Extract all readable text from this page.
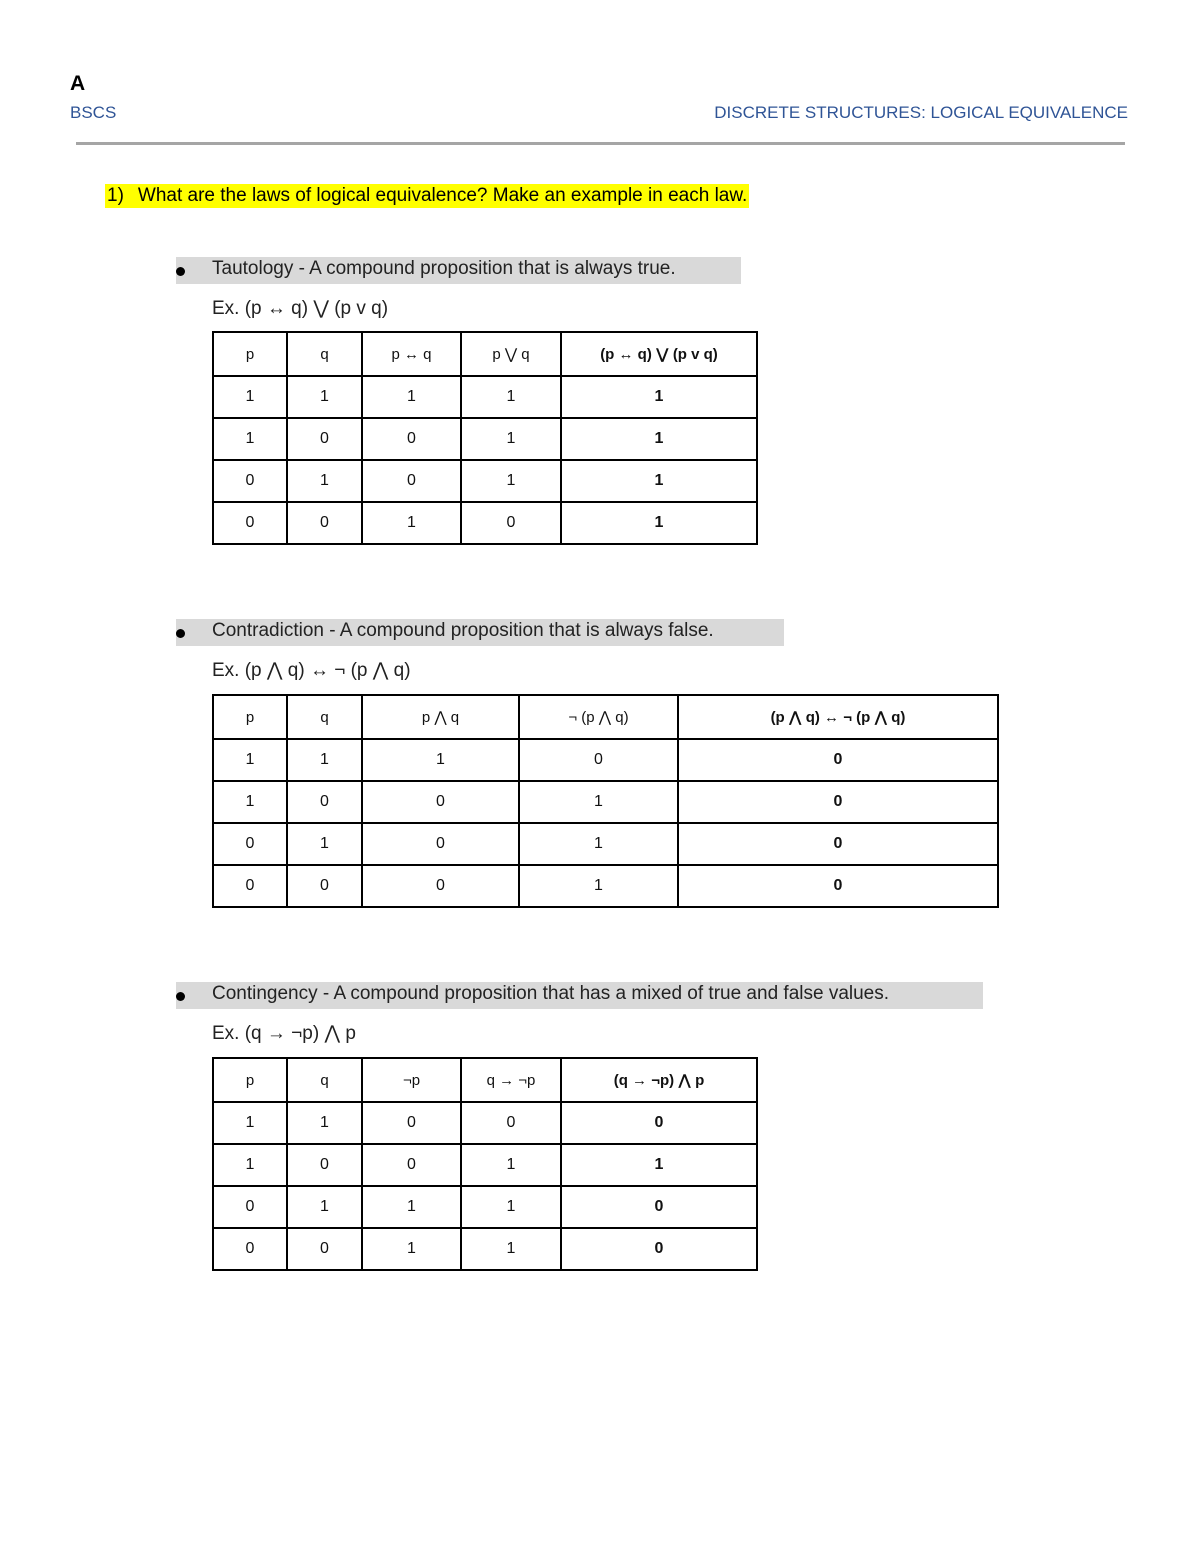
A
BSCS	DISCRETE STRUCTURES: LOGICAL EQUIVALENCE
1) What are the laws of logical equivalence? Make an example in each law.
Tautology - A compound proposition that is always true.
Ex. (p ↔ q) ⋁ (p v q)
p	q	p ↔ q	p ⋁ q	(p ↔ q) ⋁ (p v q)
1	1	1	1	1
1	0	0	1	1
0	1	0	1	1
0	0	1	0	1
Contradiction - A compound proposition that is always false.
Ex. (p ⋀ q) ↔ ¬ (p ⋀ q)
p	q	p ⋀ q	¬ (p ⋀ q)	(p ⋀ q) ↔ ¬ (p ⋀ q)
1	1	1	0	0
1	0	0	1	0
0	1	0	1	0
0	0	0	1	0
Contingency - A compound proposition that has a mixed of true and false values.
Ex. (q → ¬p) ⋀ p
p	q	¬p	q → ¬p	(q → ¬p) ⋀ p
1	1	0	0	0
1	0	0	1	1
0	1	1	1	0
0	0	1	1	0
